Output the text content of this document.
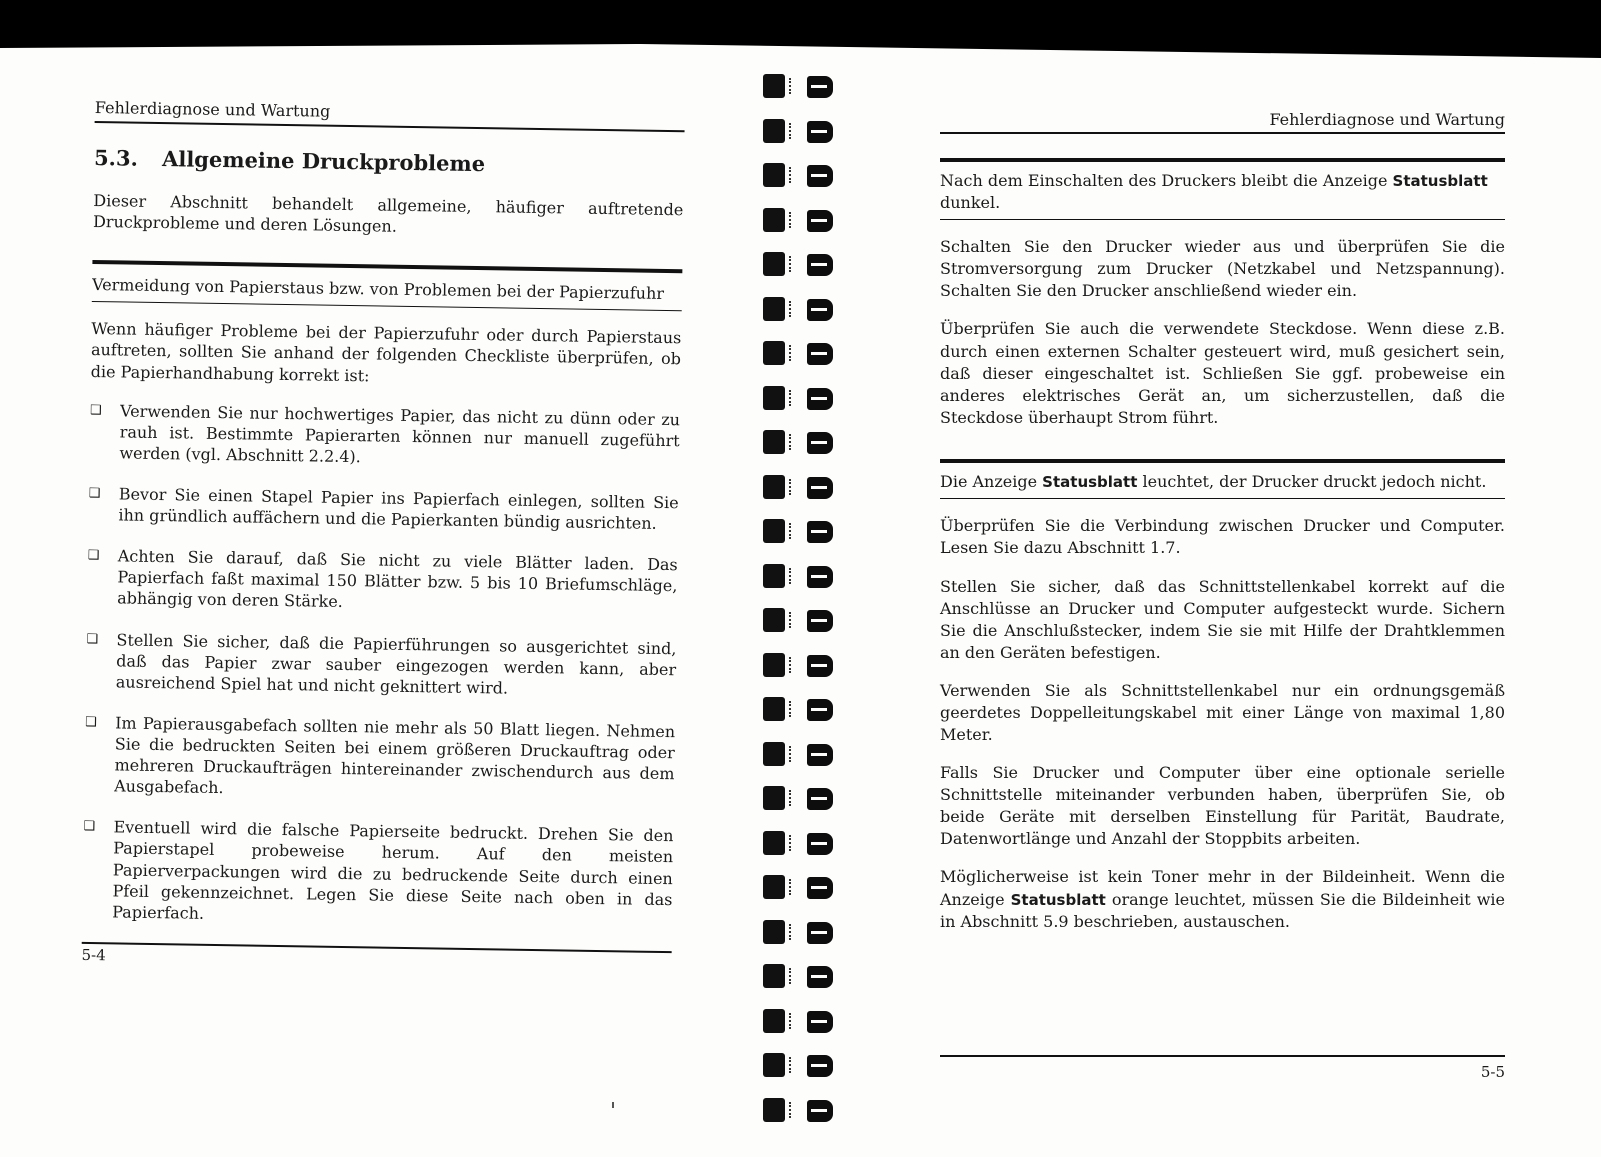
Fehlerdiagnose und Wartung
5.3. Allgemeine Druckprobleme
Dieser Abschnitt behandelt allgemeine, häufiger auftretende Druckprobleme und deren Lösungen.
Vermeidung von Papierstaus bzw. von Problemen bei der Papierzufuhr
Wenn häufiger Probleme bei der Papierzufuhr oder durch Papierstaus auftreten, sollten Sie anhand der folgenden Checkliste überprüfen, ob die Papierhandhabung korrekt ist:
❑ Verwenden Sie nur hochwertiges Papier, das nicht zu dünn oder zu rauh ist. Bestimmte Papierarten können nur manuell zugeführt werden (vgl. Abschnitt 2.2.4).
❑ Bevor Sie einen Stapel Papier ins Papierfach einlegen, sollten Sie ihn gründlich auffächern und die Papierkanten bündig ausrichten.
❑ Achten Sie darauf, daß Sie nicht zu viele Blätter laden. Das Papierfach faßt maximal 150 Blätter bzw. 5 bis 10 Briefumschläge, abhängig von deren Stärke.
❑ Stellen Sie sicher, daß die Papierführungen so ausgerichtet sind, daß das Papier zwar sauber eingezogen werden kann, aber ausreichend Spiel hat und nicht geknittert wird.
❑ Im Papierausgabefach sollten nie mehr als 50 Blatt liegen. Nehmen Sie die bedruckten Seiten bei einem größeren Druckauftrag oder mehreren Druckaufträgen hintereinander zwischendurch aus dem Ausgabefach.
❑ Eventuell wird die falsche Papierseite bedruckt. Drehen Sie den Papierstapel probeweise herum. Auf den meisten Papierverpackungen wird die zu bedruckende Seite durch einen Pfeil gekennzeichnet. Legen Sie diese Seite nach oben in das Papierfach.
5-4
Fehlerdiagnose und Wartung
Nach dem Einschalten des Druckers bleibt die Anzeige Statusblatt dunkel.
Schalten Sie den Drucker wieder aus und überprüfen Sie die Stromversorgung zum Drucker (Netzkabel und Netzspannung). Schalten Sie den Drucker anschließend wieder ein.
Überprüfen Sie auch die verwendete Steckdose. Wenn diese z.B. durch einen externen Schalter gesteuert wird, muß gesichert sein, daß dieser eingeschaltet ist. Schließen Sie ggf. probeweise ein anderes elektrisches Gerät an, um sicherzustellen, daß die Steckdose überhaupt Strom führt.
Die Anzeige Statusblatt leuchtet, der Drucker druckt jedoch nicht.
Überprüfen Sie die Verbindung zwischen Drucker und Computer. Lesen Sie dazu Abschnitt 1.7.
Stellen Sie sicher, daß das Schnittstellenkabel korrekt auf die Anschlüsse an Drucker und Computer aufgesteckt wurde. Sichern Sie die Anschlußstecker, indem Sie sie mit Hilfe der Drahtklemmen an den Geräten befestigen.
Verwenden Sie als Schnittstellenkabel nur ein ordnungsgemäß geerdetes Doppelleitungskabel mit einer Länge von maximal 1,80 Meter.
Falls Sie Drucker und Computer über eine optionale serielle Schnittstelle miteinander verbunden haben, überprüfen Sie, ob beide Geräte mit derselben Einstellung für Parität, Baudrate, Datenwortlänge und Anzahl der Stoppbits arbeiten.
Möglicherweise ist kein Toner mehr in der Bildeinheit. Wenn die Anzeige Statusblatt orange leuchtet, müssen Sie die Bildeinheit wie in Abschnitt 5.9 beschrieben, austauschen.
5-5
